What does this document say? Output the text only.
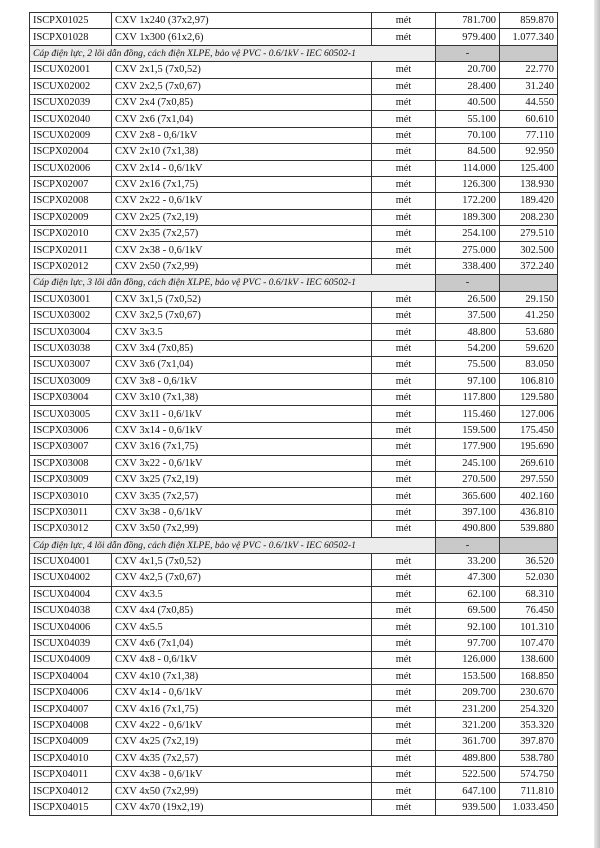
ISCPX01025	CXV 1x240 (37x2,97)	mét	781.700	859.870
ISCPX01028	CXV 1x300 (61x2,6)	mét	979.400	1.077.340
Cáp điện lực, 2 lõi dẫn đồng, cách điện XLPE, bảo vệ PVC - 0.6/1kV - IEC 60502-1			-	
ISCUX02001	CXV 2x1,5 (7x0,52)	mét	20.700	22.770
ISCUX02002	CXV 2x2,5 (7x0,67)	mét	28.400	31.240
ISCUX02039	CXV 2x4 (7x0,85)	mét	40.500	44.550
ISCUX02040	CXV 2x6 (7x1,04)	mét	55.100	60.610
ISCUX02009	CXV 2x8 - 0,6/1kV	mét	70.100	77.110
ISCPX02004	CXV 2x10 (7x1,38)	mét	84.500	92.950
ISCUX02006	CXV 2x14 - 0,6/1kV	mét	114.000	125.400
ISCPX02007	CXV 2x16 (7x1,75)	mét	126.300	138.930
ISCPX02008	CXV 2x22 - 0,6/1kV	mét	172.200	189.420
ISCPX02009	CXV 2x25 (7x2,19)	mét	189.300	208.230
ISCPX02010	CXV 2x35 (7x2,57)	mét	254.100	279.510
ISCPX02011	CXV 2x38 - 0,6/1kV	mét	275.000	302.500
ISCPX02012	CXV 2x50 (7x2,99)	mét	338.400	372.240
Cáp điện lực, 3 lõi dẫn đồng, cách điện XLPE, bảo vệ PVC - 0.6/1kV - IEC 60502-1			-	
ISCUX03001	CXV 3x1,5 (7x0,52)	mét	26.500	29.150
ISCUX03002	CXV 3x2,5 (7x0,67)	mét	37.500	41.250
ISCUX03004	CXV 3x3.5	mét	48.800	53.680
ISCUX03038	CXV 3x4 (7x0,85)	mét	54.200	59.620
ISCUX03007	CXV 3x6 (7x1,04)	mét	75.500	83.050
ISCUX03009	CXV 3x8 - 0,6/1kV	mét	97.100	106.810
ISCPX03004	CXV 3x10 (7x1,38)	mét	117.800	129.580
ISCUX03005	CXV 3x11 - 0,6/1kV	mét	115.460	127.006
ISCPX03006	CXV 3x14 - 0,6/1kV	mét	159.500	175.450
ISCPX03007	CXV 3x16 (7x1,75)	mét	177.900	195.690
ISCPX03008	CXV 3x22 - 0,6/1kV	mét	245.100	269.610
ISCPX03009	CXV 3x25 (7x2,19)	mét	270.500	297.550
ISCPX03010	CXV 3x35 (7x2,57)	mét	365.600	402.160
ISCPX03011	CXV 3x38 - 0,6/1kV	mét	397.100	436.810
ISCPX03012	CXV 3x50 (7x2,99)	mét	490.800	539.880
Cáp điện lực, 4 lõi dẫn đồng, cách điện XLPE, bảo vệ PVC - 0.6/1kV - IEC 60502-1			-	
ISCUX04001	CXV 4x1,5 (7x0,52)	mét	33.200	36.520
ISCUX04002	CXV 4x2,5 (7x0,67)	mét	47.300	52.030
ISCUX04004	CXV 4x3.5	mét	62.100	68.310
ISCUX04038	CXV 4x4 (7x0,85)	mét	69.500	76.450
ISCUX04006	CXV 4x5.5	mét	92.100	101.310
ISCUX04039	CXV 4x6 (7x1,04)	mét	97.700	107.470
ISCUX04009	CXV 4x8 - 0,6/1kV	mét	126.000	138.600
ISCPX04004	CXV 4x10 (7x1,38)	mét	153.500	168.850
ISCPX04006	CXV 4x14 - 0,6/1kV	mét	209.700	230.670
ISCPX04007	CXV 4x16 (7x1,75)	mét	231.200	254.320
ISCPX04008	CXV 4x22 - 0,6/1kV	mét	321.200	353.320
ISCPX04009	CXV 4x25 (7x2,19)	mét	361.700	397.870
ISCPX04010	CXV 4x35 (7x2,57)	mét	489.800	538.780
ISCPX04011	CXV 4x38 - 0,6/1kV	mét	522.500	574.750
ISCPX04012	CXV 4x50 (7x2,99)	mét	647.100	711.810
ISCPX04015	CXV 4x70 (19x2,19)	mét	939.500	1.033.450
